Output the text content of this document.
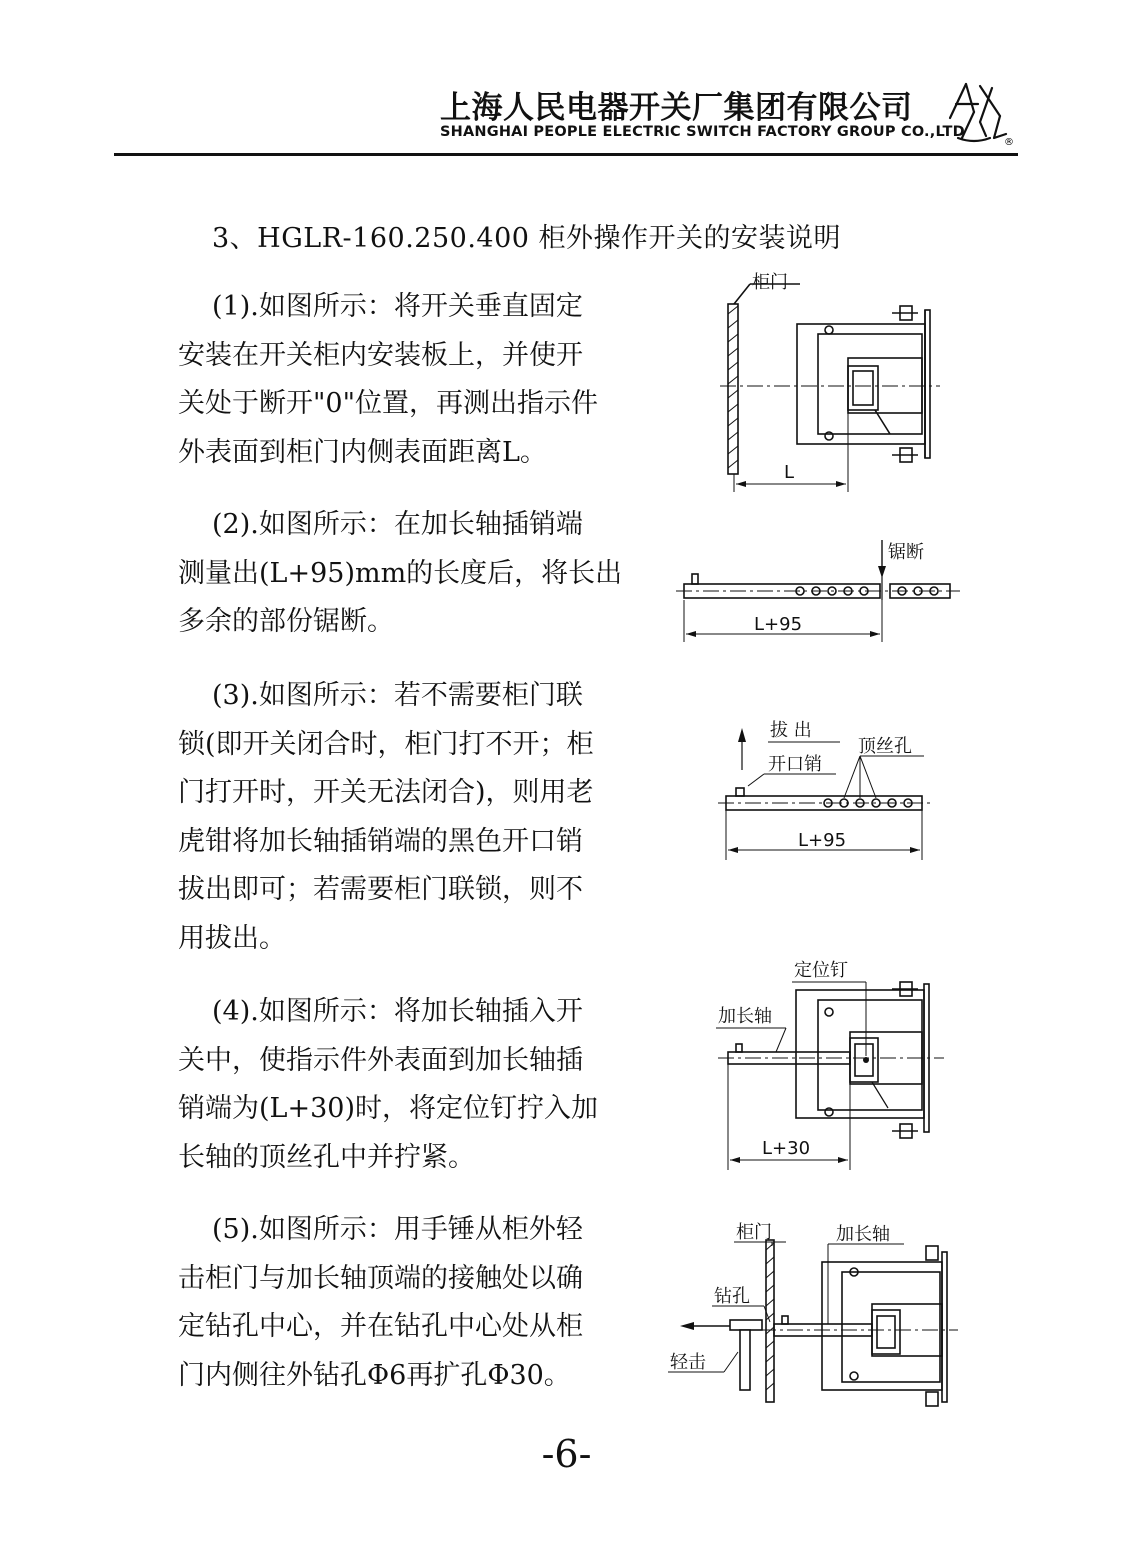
上海人民电器开关厂集团有限公司
SHANGHAI PEOPLE ELECTRIC SWITCH FACTORY GROUP CO.,LTD
®
3、HGLR-160.250.400 柜外操作开关的安装说明

(1).如图所示：将开关垂直固定

安装在开关柜内安装板上，并使开

关处于断开"0"位置，再测出指示件

外表面到柜门内侧表面距离L。

(2).如图所示：在加长轴插销端

测量出(L+95)mm的长度后，将长出

多余的部份锯断。

(3).如图所示：若不需要柜门联

锁(即开关闭合时，柜门打不开；柜

门打开时，开关无法闭合)，则用老

虎钳将加长轴插销端的黑色开口销

拔出即可；若需要柜门联锁，则不

用拔出。

(4).如图所示：将加长轴插入开

关中，使指示件外表面到加长轴插

销端为(L+30)时，将定位钉拧入加

长轴的顶丝孔中并拧紧。

(5).如图所示：用手锤从柜外轻

击柜门与加长轴顶端的接触处以确

定钻孔中心，并在钻孔中心处从柜

门内侧往外钻孔Φ6再扩孔Φ30。

柜门
L
锯断
L+95
拔 出
开口销
顶丝孔
L+95
定位钉
加长轴
L+30
柜门	加长轴
钻孔
轻击
-6-
